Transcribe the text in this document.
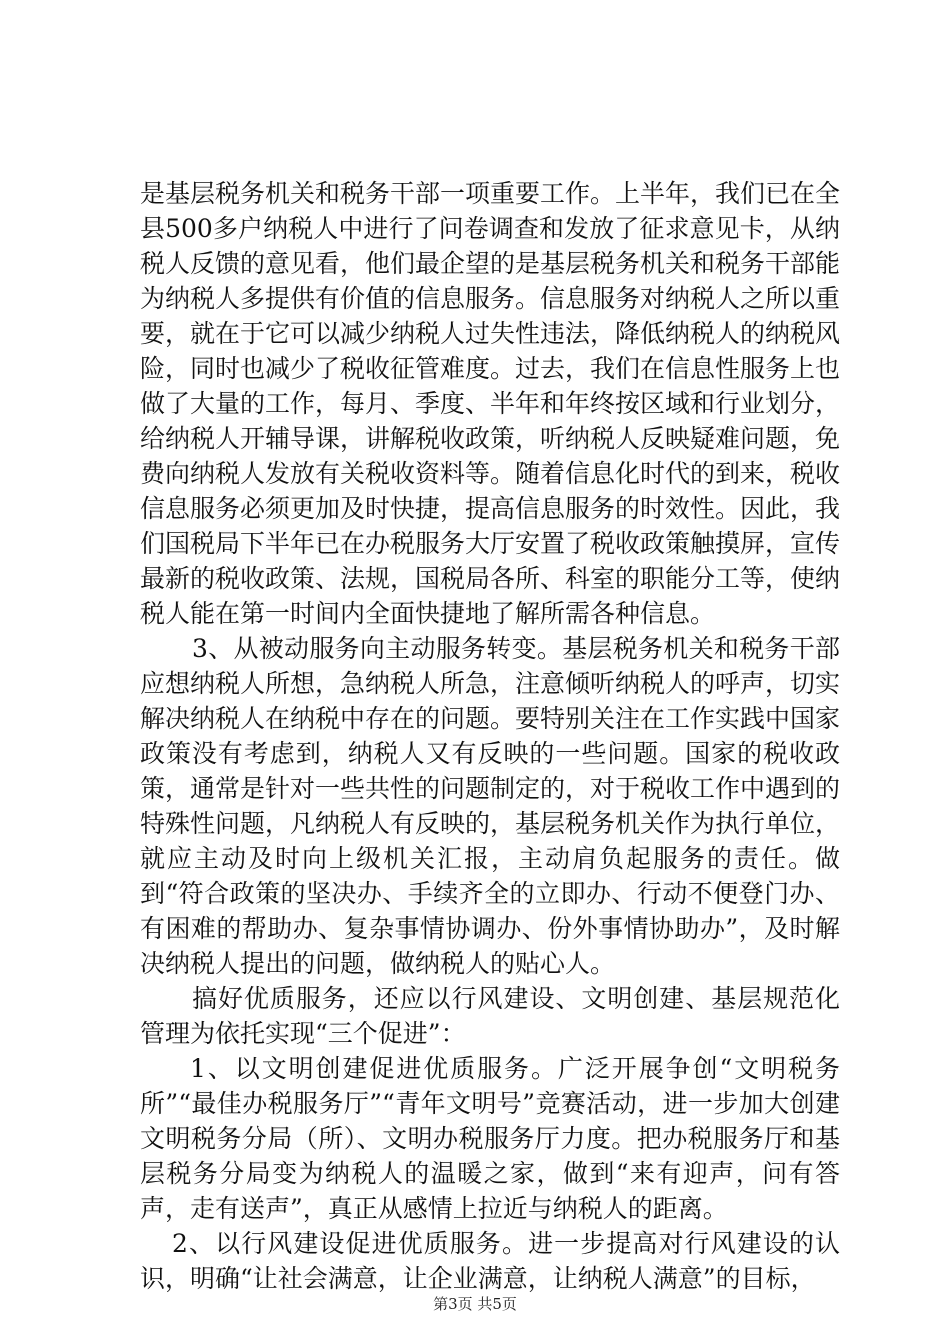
是基层税务机关和税务干部一项重要工作。上半年，我们已在全县500多户纳税人中进行了问卷调查和发放了征求意见卡，从纳税人反馈的意见看，他们最企望的是基层税务机关和税务干部能为纳税人多提供有价值的信息服务。信息服务对纳税人之所以重要，就在于它可以减少纳税人过失性违法，降低纳税人的纳税风险，同时也减少了税收征管难度。过去，我们在信息性服务上也做了大量的工作，每月、季度、半年和年终按区域和行业划分，给纳税人开辅导课，讲解税收政策，听纳税人反映疑难问题，免费向纳税人发放有关税收资料等。随着信息化时代的到来，税收信息服务必须更加及时快捷，提高信息服务的时效性。因此，我们国税局下半年已在办税服务大厅安置了税收政策触摸屏，宣传最新的税收政策、法规，国税局各所、科室的职能分工等，使纳税人能在第一时间内全面快捷地了解所需各种信息。

3、从被动服务向主动服务转变。基层税务机关和税务干部应想纳税人所想，急纳税人所急，注意倾听纳税人的呼声，切实解决纳税人在纳税中存在的问题。要特别关注在工作实践中国家政策没有考虑到，纳税人又有反映的一些问题。国家的税收政策，通常是针对一些共性的问题制定的，对于税收工作中遇到的特殊性问题，凡纳税人有反映的，基层税务机关作为执行单位，就应主动及时向上级机关汇报，主动肩负起服务的责任。做到“符合政策的坚决办、手续齐全的立即办、行动不便登门办、有困难的帮助办、复杂事情协调办、份外事情协助办”，及时解决纳税人提出的问题，做纳税人的贴心人。

搞好优质服务，还应以行风建设、文明创建、基层规范化管理为依托实现“三个促进”：

1、以文明创建促进优质服务。广泛开展争创“文明税务所”“最佳办税服务厅”“青年文明号”竞赛活动，进一步加大创建文明税务分局（所）、文明办税服务厅力度。把办税服务厅和基层税务分局变为纳税人的温暖之家，做到“来有迎声，问有答声，走有送声”，真正从感情上拉近与纳税人的距离。

2、以行风建设促进优质服务。进一步提高对行风建设的认识，明确“让社会满意，让企业满意，让纳税人满意”的目标，

第3页 共5页
